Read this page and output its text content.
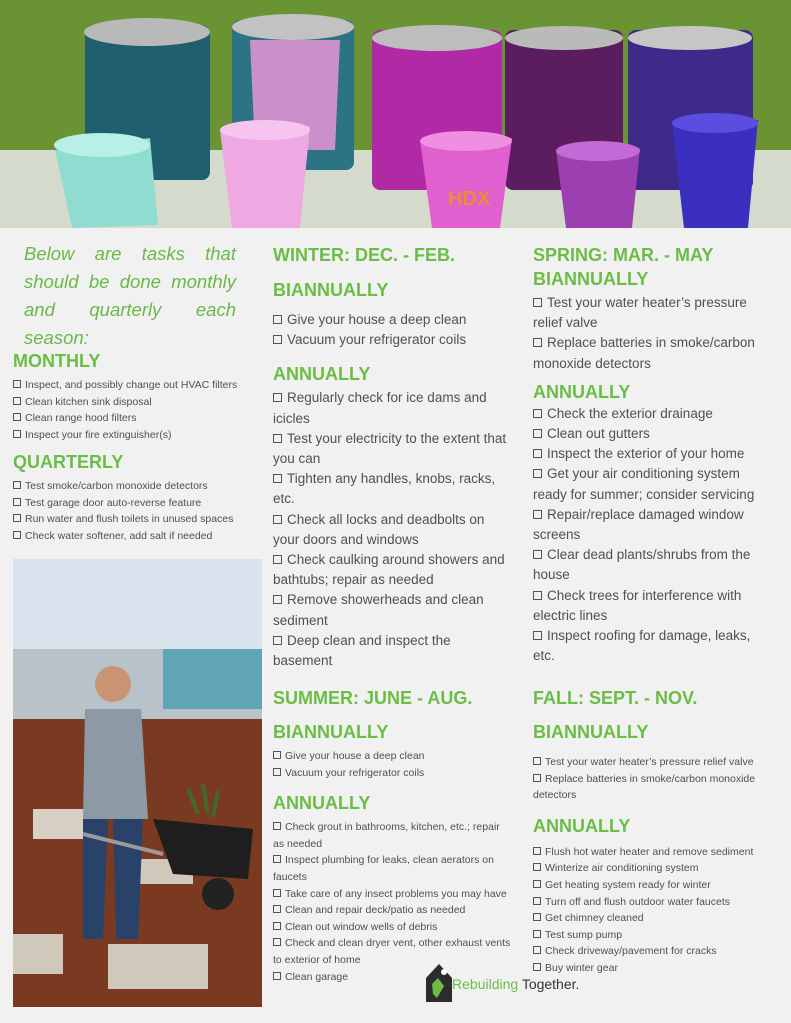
HDX
Below are tasks that should be done monthly and quarterly each season:
MONTHLY
Inspect, and possibly change out HVAC filters
Clean kitchen sink disposal
Clean range hood filters
Inspect your fire extinguisher(s)
QUARTERLY
Test smoke/carbon monoxide detectors
Test garage door auto-reverse feature
Run water and flush toilets in unused spaces
Check water softener, add salt if needed
WINTER: DEC. - FEB.
BIANNUALLY
Give your house a deep clean
Vacuum your refrigerator coils
ANNUALLY
Regularly check for ice dams and icicles
Test your electricity to the extent that you can
Tighten any handles, knobs, racks, etc.
Check all locks and deadbolts on your doors and windows
Check caulking around showers and bathtubs; repair as needed
Remove showerheads and clean sediment
Deep clean and inspect the basement
SPRING: MAR. - MAY
BIANNUALLY
Test your water heater’s pressure relief valve
Replace batteries in smoke/carbon monoxide detectors
ANNUALLY
Check the exterior drainage
Clean out gutters
Inspect the exterior of your home
Get your air conditioning system ready for summer; consider servicing
Repair/replace damaged window screens
Clear dead plants/shrubs from the house
Check trees for interference with electric lines
Inspect roofing for damage, leaks, etc.
SUMMER: JUNE - AUG.
BIANNUALLY
Give your house a deep clean
Vacuum your refrigerator coils
ANNUALLY
Check grout in bathrooms, kitchen, etc.; repair as needed
Inspect plumbing for leaks, clean aerators on faucets
Take care of any insect problems you may have
Clean and repair deck/patio as needed
Clean out window wells of debris
Check and clean dryer vent, other exhaust vents to exterior of home
Clean garage
FALL: SEPT. - NOV.
BIANNUALLY
Test your water heater’s pressure relief valve
Replace batteries in smoke/carbon monoxide detectors
ANNUALLY
Flush hot water heater and remove sediment
Winterize air conditioning system
Get heating system ready for winter
Turn off and flush outdoor water faucets
Get chimney cleaned
Test sump pump
Check driveway/pavement for cracks
Buy winter gear
Rebuilding Together.
